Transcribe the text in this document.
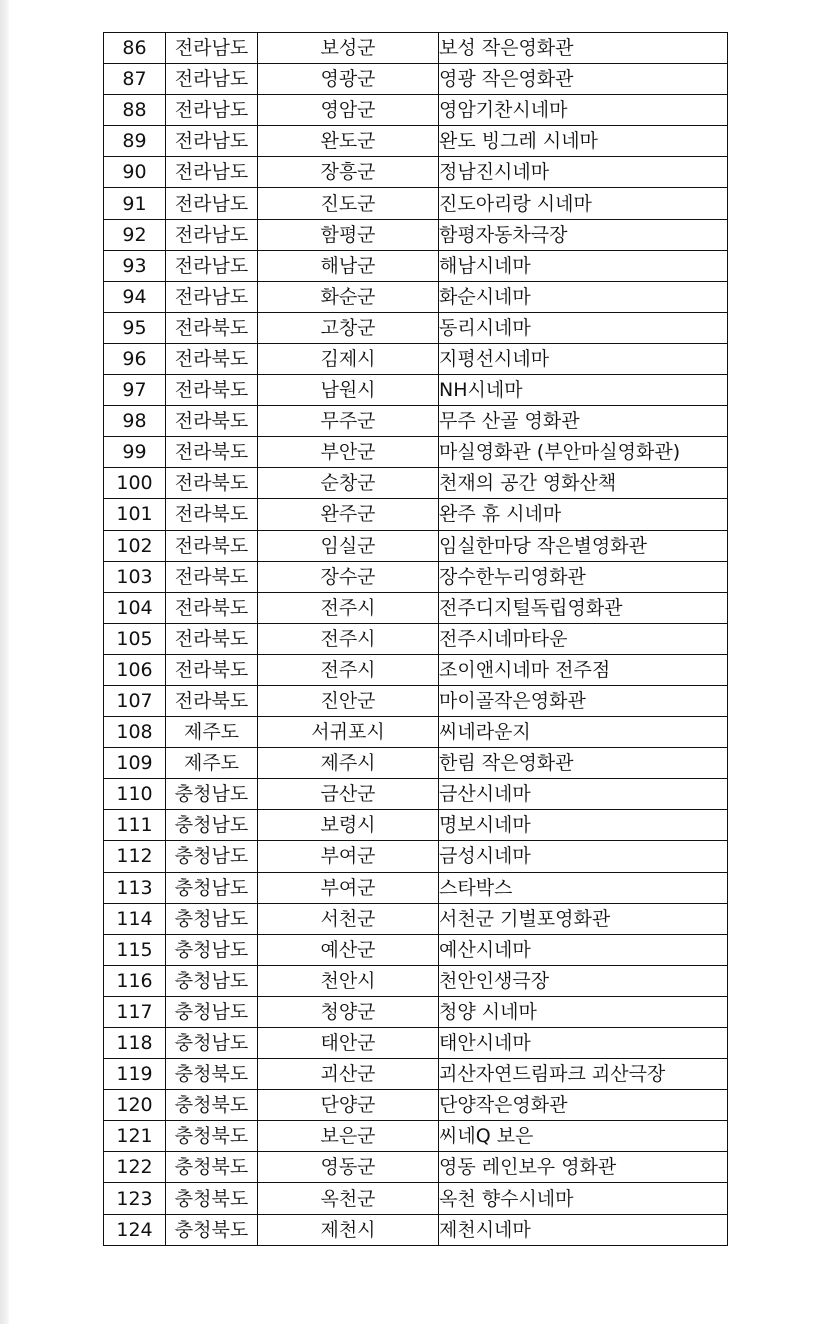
86	전라남도	보성군	보성 작은영화관
87	전라남도	영광군	영광 작은영화관
88	전라남도	영암군	영암기찬시네마
89	전라남도	완도군	완도 빙그레 시네마
90	전라남도	장흥군	정남진시네마
91	전라남도	진도군	진도아리랑 시네마
92	전라남도	함평군	함평자동차극장
93	전라남도	해남군	해남시네마
94	전라남도	화순군	화순시네마
95	전라북도	고창군	동리시네마
96	전라북도	김제시	지평선시네마
97	전라북도	남원시	NH시네마
98	전라북도	무주군	무주 산골 영화관
99	전라북도	부안군	마실영화관 (부안마실영화관)
100	전라북도	순창군	천재의 공간 영화산책
101	전라북도	완주군	완주 휴 시네마
102	전라북도	임실군	임실한마당 작은별영화관
103	전라북도	장수군	장수한누리영화관
104	전라북도	전주시	전주디지털독립영화관
105	전라북도	전주시	전주시네마타운
106	전라북도	전주시	조이앤시네마 전주점
107	전라북도	진안군	마이골작은영화관
108	제주도	서귀포시	씨네라운지
109	제주도	제주시	한림 작은영화관
110	충청남도	금산군	금산시네마
111	충청남도	보령시	명보시네마
112	충청남도	부여군	금성시네마
113	충청남도	부여군	스타박스
114	충청남도	서천군	서천군 기벌포영화관
115	충청남도	예산군	예산시네마
116	충청남도	천안시	천안인생극장
117	충청남도	청양군	청양 시네마
118	충청남도	태안군	태안시네마
119	충청북도	괴산군	괴산자연드림파크 괴산극장
120	충청북도	단양군	단양작은영화관
121	충청북도	보은군	씨네Q 보은
122	충청북도	영동군	영동 레인보우 영화관
123	충청북도	옥천군	옥천 향수시네마
124	충청북도	제천시	제천시네마
